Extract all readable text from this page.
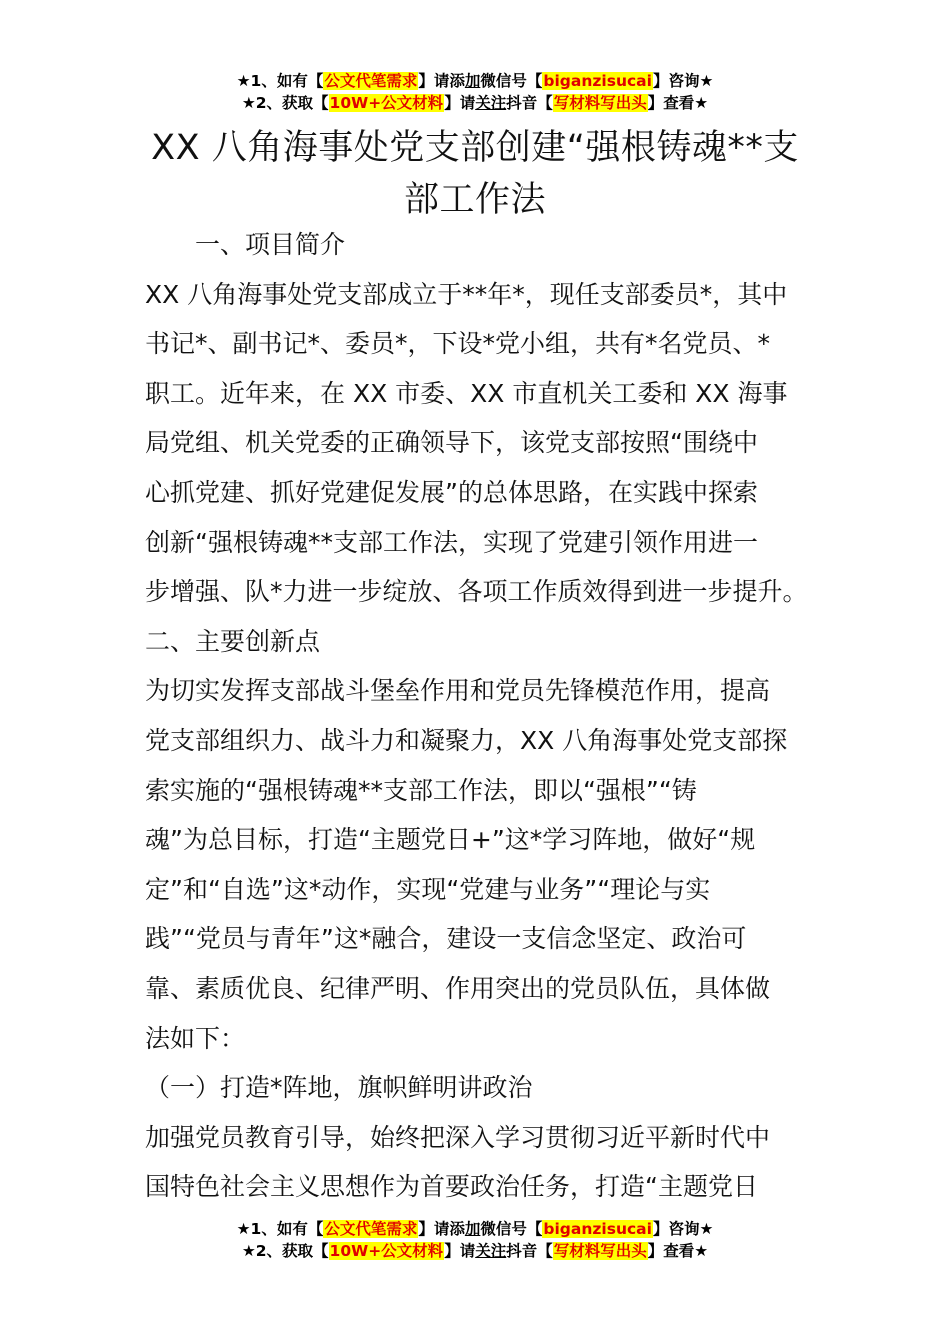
★1、如有【公文代笔需求】请添加微信号【biganzisucai】咨询★
★2、获取【10W+公文材料】请关注抖音【写材料写出头】查看★
XX 八角海事处党支部创建“强根铸魂**支
部工作法
一、项目简介
XX 八角海事处党支部成立于**年*，现任支部委员*，其中
书记*、副书记*、委员*，下设*党小组，共有*名党员、*
职工。近年来，在 XX 市委、XX 市直机关工委和 XX 海事
局党组、机关党委的正确领导下，该党支部按照“围绕中
心抓党建、抓好党建促发展”的总体思路，在实践中探索
创新“强根铸魂**支部工作法，实现了党建引领作用进一
步增强、队*力进一步绽放、各项工作质效得到进一步提升。
二、主要创新点
为切实发挥支部战斗堡垒作用和党员先锋模范作用，提高
党支部组织力、战斗力和凝聚力，XX 八角海事处党支部探
索实施的“强根铸魂**支部工作法，即以“强根”“铸
魂”为总目标，打造“主题党日+”这*学习阵地，做好“规
定”和“自选”这*动作，实现“党建与业务”“理论与实
践”“党员与青年”这*融合，建设一支信念坚定、政治可
靠、素质优良、纪律严明、作用突出的党员队伍，具体做
法如下：
（一）打造*阵地，旗帜鲜明讲政治
加强党员教育引导，始终把深入学习贯彻习近平新时代中
国特色社会主义思想作为首要政治任务，打造“主题党日
★1、如有【公文代笔需求】请添加微信号【biganzisucai】咨询★
★2、获取【10W+公文材料】请关注抖音【写材料写出头】查看★
